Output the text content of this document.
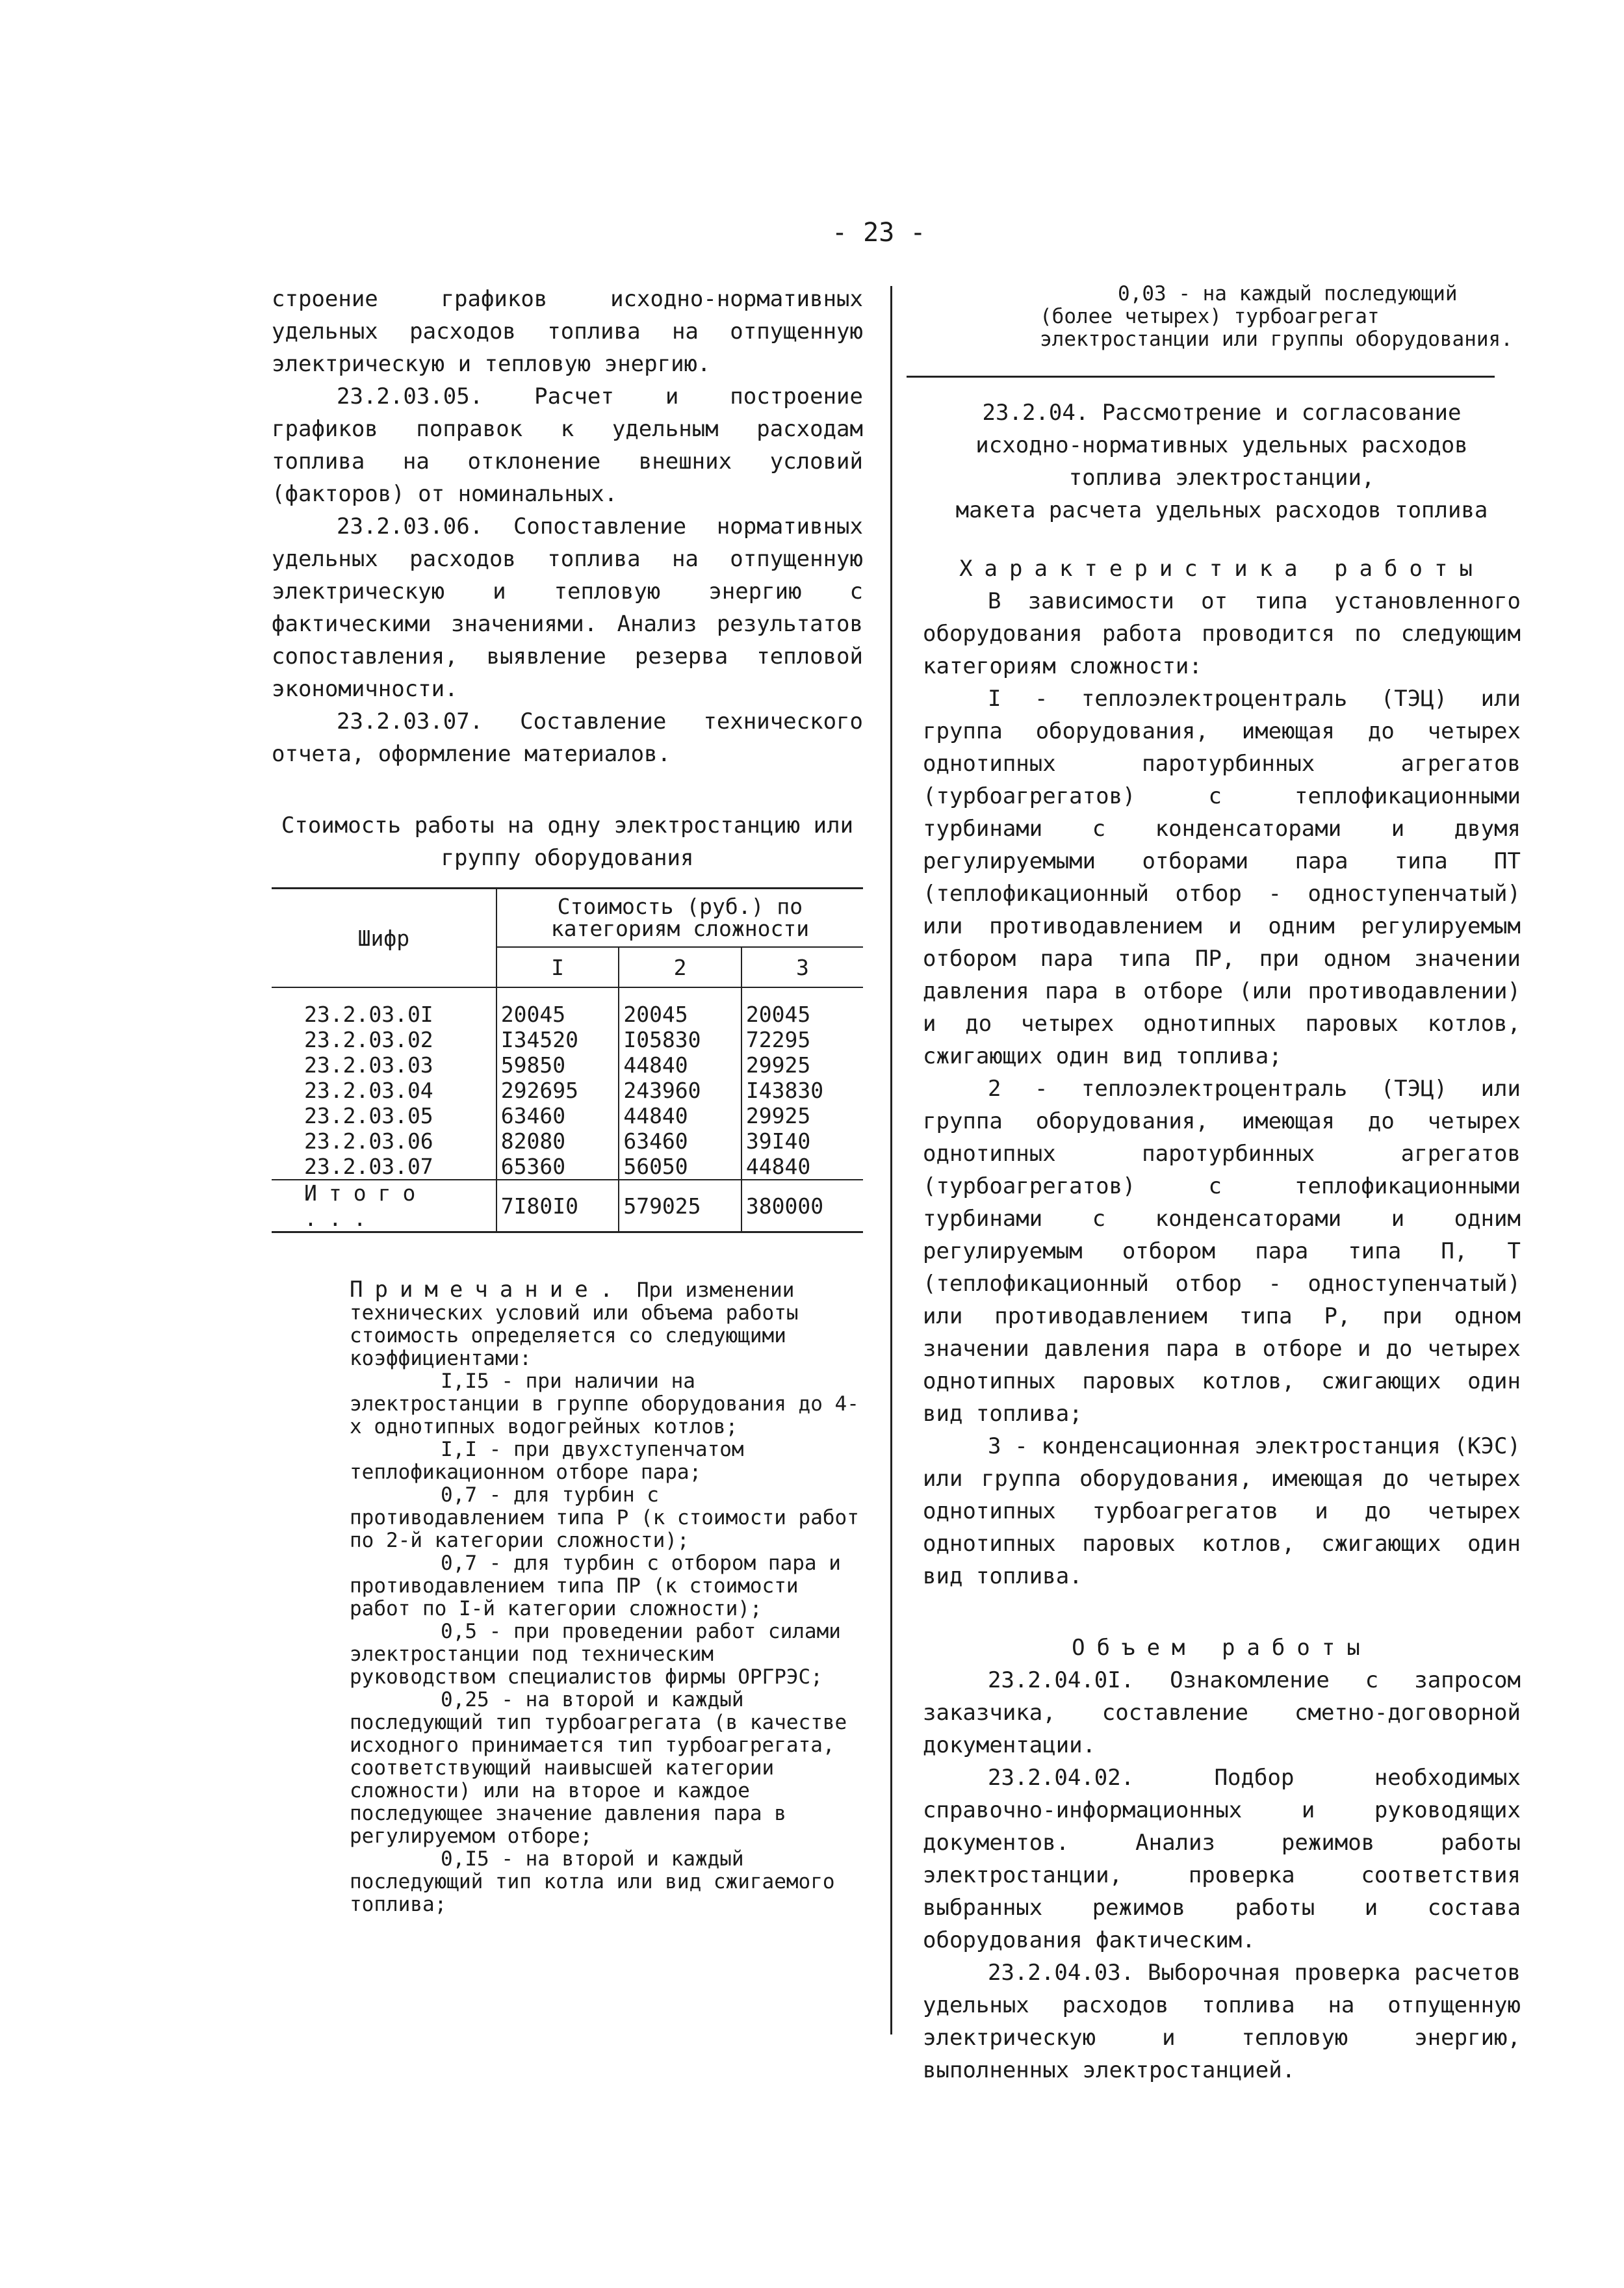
- 23 -

строение графиков исходно-нормативных удельных расходов топлива на отпущенную электрическую и тепловую энергию.

23.2.03.05. Расчет и построение графиков поправок к удельным расходам топлива на отклонение внешних условий (факторов) от номинальных.

23.2.03.06. Сопоставление нормативных удельных расходов топлива на отпущенную электрическую и тепловую энергию с фактическими значениями. Анализ результатов сопоставления, выявление резерва тепловой экономичности.

23.2.03.07. Составление технического отчета, оформление материалов.

Стоимость работы на одну электростанцию или группу оборудования
Шифр	Стоимость (руб.) по категориям сложности		
	I	2	3

23.2.03.0I	20045	20045	20045
23.2.03.02	I34520	I05830	72295
23.2.03.03	59850	44840	29925
23.2.03.04	292695	243960	I43830
23.2.03.05	63460	44840	29925
23.2.03.06	82080	63460	39I40
23.2.03.07	65360	56050	44840
Итого ...	7I80I0	579025	380000

Примечание. При изменении технических условий или объема работы стоимость определяется со следующими коэффициентами:

I,I5 - при наличии на электростанции в группе оборудования до 4-х однотипных водогрейных котлов;

I,I - при двухступенчатом теплофикационном отборе пара;

0,7 - для турбин с противодавлением типа Р (к стоимости работ по 2-й категории сложности);

0,7 - для турбин с отбором пара и противодавлением типа ПР (к стоимости работ по I-й категории сложности);

0,5 - при проведении работ силами электростанции под техническим руководством специалистов фирмы ОРГРЭС;

0,25 - на второй и каждый последующий тип турбоагрегата (в качестве исходного принимается тип турбоагрегата, соответствующий наивысшей категории сложности) или на второе и каждое последующее значение давления пара в регулируемом отборе;

0,I5 - на второй и каждый последующий тип котла или вид сжигаемого топлива;

0,03 - на каждый последующий (более четырех) турбоагрегат электростанции или группы оборудования.

23.2.04. Рассмотрение и согласование

исходно-нормативных удельных расходов

топлива электростанции,

макета расчета удельных расходов топлива

Характеристика работы

В зависимости от типа установленного оборудования работа проводится по следующим категориям сложности:

I - теплоэлектроцентраль (ТЭЦ) или группа оборудования, имеющая до четырех однотипных паротурбинных агрегатов (турбоагрегатов) с теплофикационными турбинами с конденсаторами и двумя регулируемыми отборами пара типа ПТ (теплофикационный отбор - одноступенчатый) или противодавлением и одним регулируемым отбором пара типа ПР, при одном значении давления пара в отборе (или противодавлении) и до четырех однотипных паровых котлов, сжигающих один вид топлива;

2 - теплоэлектроцентраль (ТЭЦ) или группа оборудования, имеющая до четырех однотипных паротурбинных агрегатов (турбоагрегатов) с теплофикационными турбинами с конденсаторами и одним регулируемым отбором пара типа П, Т (теплофикационный отбор - одноступенчатый) или противодавлением типа Р, при одном значении давления пара в отборе и до четырех однотипных паровых котлов, сжигающих один вид топлива;

3 - конденсационная электростанция (КЭС) или группа оборудования, имеющая до четырех однотипных турбоагрегатов и до четырех однотипных паровых котлов, сжигающих один вид топлива.

Объем работы

23.2.04.0I. Ознакомление с запросом заказчика, составление сметно-договорной документации.

23.2.04.02. Подбор необходимых справочно-информационных и руководящих документов. Анализ режимов работы электростанции, проверка соответствия выбранных режимов работы и состава оборудования фактическим.

23.2.04.03. Выборочная проверка расчетов удельных расходов топлива на отпущенную электрическую и тепловую энергию, выполненных электростанцией.
